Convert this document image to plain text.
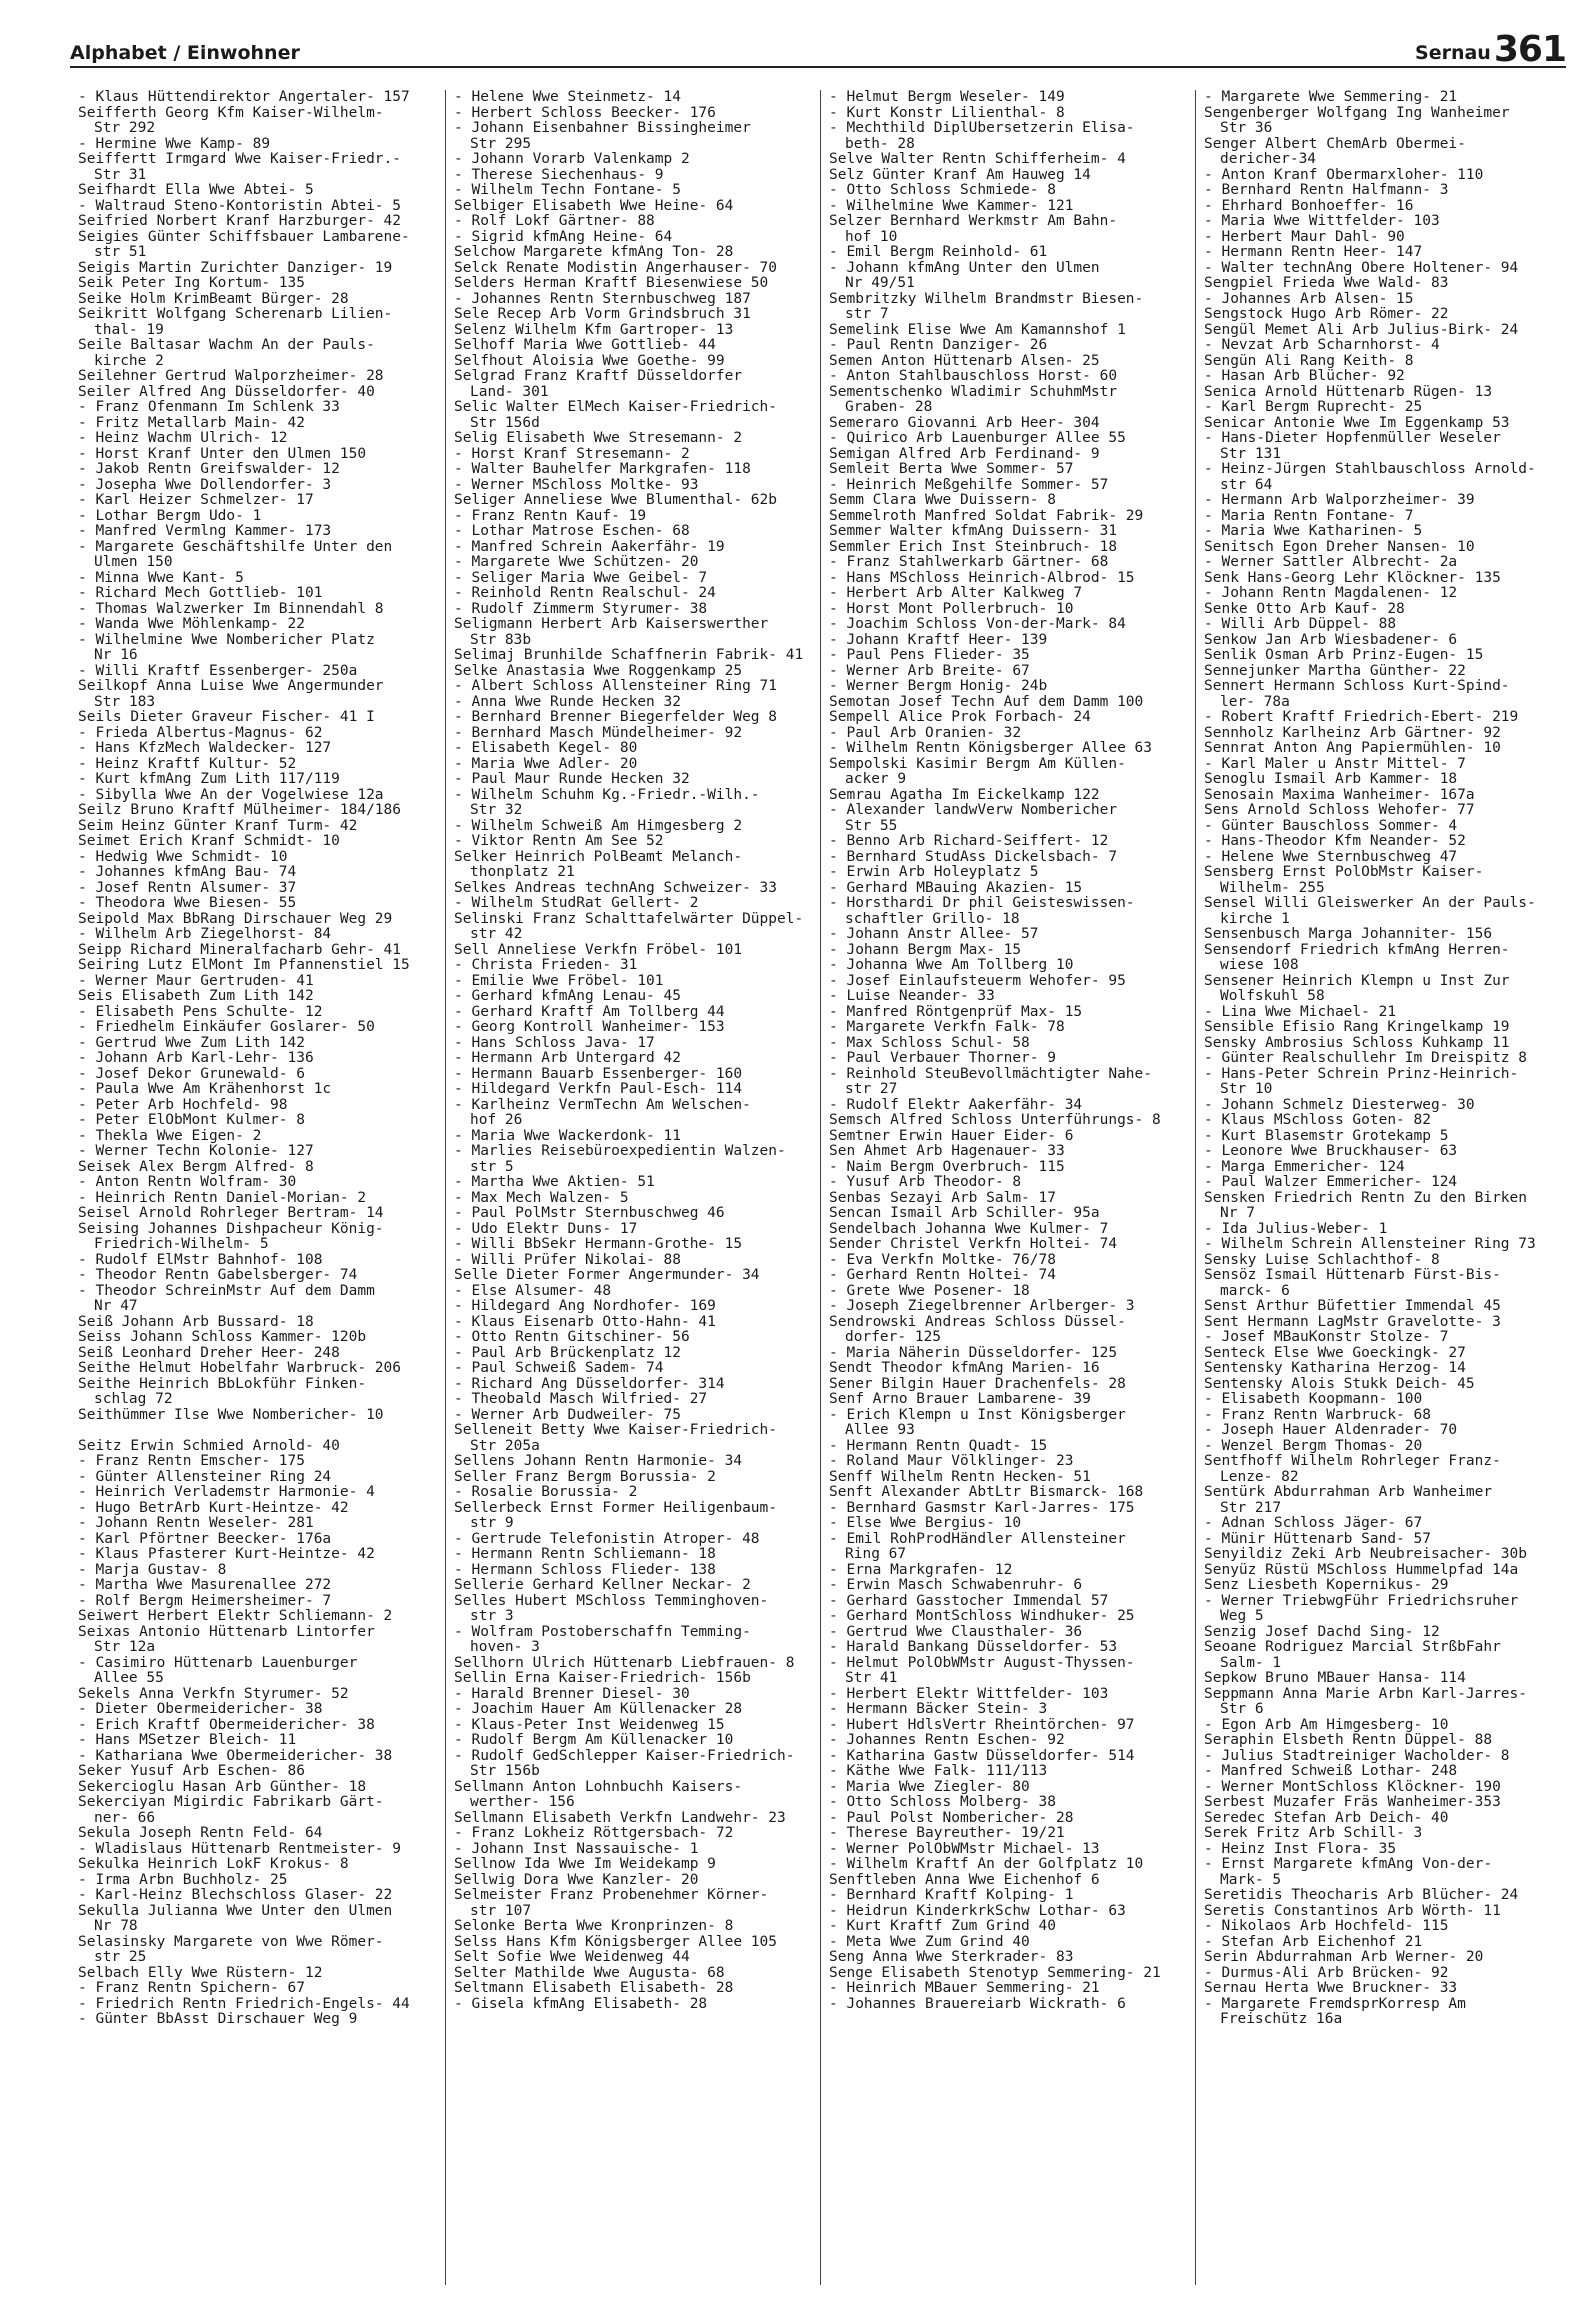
Alphabet / Einwohner	Sernau 361
- Klaus Hüttendirektor Angertaler- 157
Seifferth Georg Kfm Kaiser-Wilhelm-
Str 292
- Hermine Wwe Kamp- 89
Seiffertt Irmgard Wwe Kaiser-Friedr.-
Str 31
Seifhardt Ella Wwe Abtei- 5
- Waltraud Steno-Kontoristin Abtei- 5
Seifried Norbert Kranf Harzburger- 42
Seigies Günter Schiffsbauer Lambarene-
str 51
Seigis Martin Zurichter Danziger- 19
Seik Peter Ing Kortum- 135
Seike Holm KrimBeamt Bürger- 28
Seikritt Wolfgang Scherenarb Lilien-
thal- 19
Seile Baltasar Wachm An der Pauls-
kirche 2
Seilehner Gertrud Walporzheimer- 28
Seiler Alfred Ang Düsseldorfer- 40
- Franz Ofenmann Im Schlenk 33
- Fritz Metallarb Main- 42
- Heinz Wachm Ulrich- 12
- Horst Kranf Unter den Ulmen 150
- Jakob Rentn Greifswalder- 12
- Josepha Wwe Dollendorfer- 3
- Karl Heizer Schmelzer- 17
- Lothar Bergm Udo- 1
- Manfred Vermlng Kammer- 173
- Margarete Geschäftshilfe Unter den
Ulmen 150
- Minna Wwe Kant- 5
- Richard Mech Gottlieb- 101
- Thomas Walzwerker Im Binnendahl 8
- Wanda Wwe Möhlenkamp- 22
- Wilhelmine Wwe Nombericher Platz
Nr 16
- Willi Kraftf Essenberger- 250a
Seilkopf Anna Luise Wwe Angermunder
Str 183
Seils Dieter Graveur Fischer- 41 I
- Frieda Albertus-Magnus- 62
- Hans KfzMech Waldecker- 127
- Heinz Kraftf Kultur- 52
- Kurt kfmAng Zum Lith 117/119
- Sibylla Wwe An der Vogelwiese 12a
Seilz Bruno Kraftf Mülheimer- 184/186
Seim Heinz Günter Kranf Turm- 42
Seimet Erich Kranf Schmidt- 10
- Hedwig Wwe Schmidt- 10
- Johannes kfmAng Bau- 74
- Josef Rentn Alsumer- 37
- Theodora Wwe Biesen- 55
Seipold Max BbRang Dirschauer Weg 29
- Wilhelm Arb Ziegelhorst- 84
Seipp Richard Mineralfacharb Gehr- 41
Seiring Lutz ElMont Im Pfannenstiel 15
- Werner Maur Gertruden- 41
Seis Elisabeth Zum Lith 142
- Elisabeth Pens Schulte- 12
- Friedhelm Einkäufer Goslarer- 50
- Gertrud Wwe Zum Lith 142
- Johann Arb Karl-Lehr- 136
- Josef Dekor Grunewald- 6
- Paula Wwe Am Krähenhorst 1c
- Peter Arb Hochfeld- 98
- Peter ElObMont Kulmer- 8
- Thekla Wwe Eigen- 2
- Werner Techn Kolonie- 127
Seisek Alex Bergm Alfred- 8
- Anton Rentn Wolfram- 30
- Heinrich Rentn Daniel-Morian- 2
Seisel Arnold Rohrleger Bertram- 14
Seising Johannes Dishpacheur König-
Friedrich-Wilhelm- 5
- Rudolf ElMstr Bahnhof- 108
- Theodor Rentn Gabelsberger- 74
- Theodor SchreinMstr Auf dem Damm
Nr 47
Seiß Johann Arb Bussard- 18
Seiss Johann Schloss Kammer- 120b
Seiß Leonhard Dreher Heer- 248
Seithe Helmut Hobelfahr Warbruck- 206
Seithe Heinrich BbLokführ Finken-
schlag 72
Seithümmer Ilse Wwe Nombericher- 10

Seitz Erwin Schmied Arnold- 40
- Franz Rentn Emscher- 175
- Günter Allensteiner Ring 24
- Heinrich Verlademstr Harmonie- 4
- Hugo BetrArb Kurt-Heintze- 42
- Johann Rentn Weseler- 281
- Karl Pförtner Beecker- 176a
- Klaus Pfasterer Kurt-Heintze- 42
- Marja Gustav- 8
- Martha Wwe Masurenallee 272
- Rolf Bergm Heimersheimer- 7
Seiwert Herbert Elektr Schliemann- 2
Seixas Antonio Hüttenarb Lintorfer
Str 12a
- Casimiro Hüttenarb Lauenburger
Allee 55
Sekels Anna Verkfn Styrumer- 52
- Dieter Obermeidericher- 38
- Erich Kraftf Obermeidericher- 38
- Hans MSetzer Bleich- 11
- Kathariana Wwe Obermeidericher- 38
Seker Yusuf Arb Eschen- 86
Sekercioglu Hasan Arb Günther- 18
Sekerciyan Migirdic Fabrikarb Gärt-
ner- 66
Sekula Joseph Rentn Feld- 64
- Wladislaus Hüttenarb Rentmeister- 9
Sekulka Heinrich LokF Krokus- 8
- Irma Arbn Buchholz- 25
- Karl-Heinz Blechschloss Glaser- 22
Sekulla Julianna Wwe Unter den Ulmen
Nr 78
Selasinsky Margarete von Wwe Römer-
str 25
Selbach Elly Wwe Rüstern- 12
- Franz Rentn Spichern- 67
- Friedrich Rentn Friedrich-Engels- 44
- Günter BbAsst Dirschauer Weg 9
- Helene Wwe Steinmetz- 14
- Herbert Schloss Beecker- 176
- Johann Eisenbahner Bissingheimer
Str 295
- Johann Vorarb Valenkamp 2
- Therese Siechenhaus- 9
- Wilhelm Techn Fontane- 5
Selbiger Elisabeth Wwe Heine- 64
- Rolf Lokf Gärtner- 88
- Sigrid kfmAng Heine- 64
Selchow Margarete kfmAng Ton- 28
Selck Renate Modistin Angerhauser- 70
Selders Herman Kraftf Biesenwiese 50
- Johannes Rentn Sternbuschweg 187
Sele Recep Arb Vorm Grindsbruch 31
Selenz Wilhelm Kfm Gartroper- 13
Selhoff Maria Wwe Gottlieb- 44
Selfhout Aloisia Wwe Goethe- 99
Selgrad Franz Kraftf Düsseldorfer
Land- 301
Selic Walter ElMech Kaiser-Friedrich-
Str 156d
Selig Elisabeth Wwe Stresemann- 2
- Horst Kranf Stresemann- 2
- Walter Bauhelfer Markgrafen- 118
- Werner MSchloss Moltke- 93
Seliger Anneliese Wwe Blumenthal- 62b
- Franz Rentn Kauf- 19
- Lothar Matrose Eschen- 68
- Manfred Schrein Aakerfähr- 19
- Margarete Wwe Schützen- 20
- Seliger Maria Wwe Geibel- 7
- Reinhold Rentn Realschul- 24
- Rudolf Zimmerm Styrumer- 38
Seligmann Herbert Arb Kaiserswerther
Str 83b
Selimaj Brunhilde Schaffnerin Fabrik- 41
Selke Anastasia Wwe Roggenkamp 25
- Albert Schloss Allensteiner Ring 71
- Anna Wwe Runde Hecken 32
- Bernhard Brenner Biegerfelder Weg 8
- Bernhard Masch Mündelheimer- 92
- Elisabeth Kegel- 80
- Maria Wwe Adler- 20
- Paul Maur Runde Hecken 32
- Wilhelm Schuhm Kg.-Friedr.-Wilh.-
Str 32
- Wilhelm Schweiß Am Himgesberg 2
- Viktor Rentn Am See 52
Selker Heinrich PolBeamt Melanch-
thonplatz 21
Selkes Andreas technAng Schweizer- 33
- Wilhelm StudRat Gellert- 2
Selinski Franz Schalttafelwärter Düppel-
str 42
Sell Anneliese Verkfn Fröbel- 101
- Christa Frieden- 31
- Emilie Wwe Fröbel- 101
- Gerhard kfmAng Lenau- 45
- Gerhard Kraftf Am Tollberg 44
- Georg Kontroll Wanheimer- 153
- Hans Schloss Java- 17
- Hermann Arb Untergard 42
- Hermann Bauarb Essenberger- 160
- Hildegard Verkfn Paul-Esch- 114
- Karlheinz VermTechn Am Welschen-
hof 26
- Maria Wwe Wackerdonk- 11
- Marlies Reisebüroexpedientin Walzen-
str 5
- Martha Wwe Aktien- 51
- Max Mech Walzen- 5
- Paul PolMstr Sternbuschweg 46
- Udo Elektr Duns- 17
- Willi BbSekr Hermann-Grothe- 15
- Willi Prüfer Nikolai- 88
Selle Dieter Former Angermunder- 34
- Else Alsumer- 48
- Hildegard Ang Nordhofer- 169
- Klaus Eisenarb Otto-Hahn- 41
- Otto Rentn Gitschiner- 56
- Paul Arb Brückenplatz 12
- Paul Schweiß Sadem- 74
- Richard Ang Düsseldorfer- 314
- Theobald Masch Wilfried- 27
- Werner Arb Dudweiler- 75
Selleneit Betty Wwe Kaiser-Friedrich-
Str 205a
Sellens Johann Rentn Harmonie- 34
Seller Franz Bergm Borussia- 2
- Rosalie Borussia- 2
Sellerbeck Ernst Former Heiligenbaum-
str 9
- Gertrude Telefonistin Atroper- 48
- Hermann Rentn Schliemann- 18
- Hermann Schloss Flieder- 138
Sellerie Gerhard Kellner Neckar- 2
Selles Hubert MSchloss Temminghoven-
str 3
- Wolfram Postoberschaffn Temming-
hoven- 3
Sellhorn Ulrich Hüttenarb Liebfrauen- 8
Sellin Erna Kaiser-Friedrich- 156b
- Harald Brenner Diesel- 30
- Joachim Hauer Am Küllenacker 28
- Klaus-Peter Inst Weidenweg 15
- Rudolf Bergm Am Küllenacker 10
- Rudolf GedSchlepper Kaiser-Friedrich-
Str 156b
Sellmann Anton Lohnbuchh Kaisers-
werther- 156
Sellmann Elisabeth Verkfn Landwehr- 23
- Franz Lokheiz Röttgersbach- 72
- Johann Inst Nassauische- 1
Sellnow Ida Wwe Im Weidekamp 9
Sellwig Dora Wwe Kanzler- 20
Selmeister Franz Probenehmer Körner-
str 107
Selonke Berta Wwe Kronprinzen- 8
Selss Hans Kfm Königsberger Allee 105
Selt Sofie Wwe Weidenweg 44
Selter Mathilde Wwe Augusta- 68
Seltmann Elisabeth Elisabeth- 28
- Gisela kfmAng Elisabeth- 28
- Helmut Bergm Weseler- 149
- Kurt Konstr Lilienthal- 8
- Mechthild DiplÜbersetzerin Elisa-
beth- 28
Selve Walter Rentn Schifferheim- 4
Selz Günter Kranf Am Hauweg 14
- Otto Schloss Schmiede- 8
- Wilhelmine Wwe Kammer- 121
Selzer Bernhard Werkmstr Am Bahn-
hof 10
- Emil Bergm Reinhold- 61
- Johann kfmAng Unter den Ulmen
Nr 49/51
Sembritzky Wilhelm Brandmstr Biesen-
str 7
Semelink Elise Wwe Am Kamannshof 1
- Paul Rentn Danziger- 26
Semen Anton Hüttenarb Alsen- 25
- Anton Stahlbauschloss Horst- 60
Sementschenko Wladimir SchuhmMstr
Graben- 28
Semeraro Giovanni Arb Heer- 304
- Quirico Arb Lauenburger Allee 55
Semigan Alfred Arb Ferdinand- 9
Semleit Berta Wwe Sommer- 57
- Heinrich Meßgehilfe Sommer- 57
Semm Clara Wwe Duissern- 8
Semmelroth Manfred Soldat Fabrik- 29
Semmer Walter kfmAng Duissern- 31
Semmler Erich Inst Steinbruch- 18
- Franz Stahlwerkarb Gärtner- 68
- Hans MSchloss Heinrich-Albrod- 15
- Herbert Arb Alter Kalkweg 7
- Horst Mont Pollerbruch- 10
- Joachim Schloss Von-der-Mark- 84
- Johann Kraftf Heer- 139
- Paul Pens Flieder- 35
- Werner Arb Breite- 67
- Werner Bergm Honig- 24b
Semotan Josef Techn Auf dem Damm 100
Sempell Alice Prok Forbach- 24
- Paul Arb Oranien- 32
- Wilhelm Rentn Königsberger Allee 63
Sempolski Kasimir Bergm Am Küllen-
acker 9
Semrau Agatha Im Eickelkamp 122
- Alexander landwVerw Nombericher
Str 55
- Benno Arb Richard-Seiffert- 12
- Bernhard StudAss Dickelsbach- 7
- Erwin Arb Holeyplatz 5
- Gerhard MBauing Akazien- 15
- Horsthardi Dr phil Geisteswissen-
schaftler Grillo- 18
- Johann Anstr Allee- 57
- Johann Bergm Max- 15
- Johanna Wwe Am Tollberg 10
- Josef Einlaufsteuerm Wehofer- 95
- Luise Neander- 33
- Manfred Röntgenprüf Max- 15
- Margarete Verkfn Falk- 78
- Max Schloss Schul- 58
- Paul Verbauer Thorner- 9
- Reinhold SteuBevollmächtigter Nahe-
str 27
- Rudolf Elektr Aakerfähr- 34
Semsch Alfred Schloss Unterführungs- 8
Semtner Erwin Hauer Eider- 6
Sen Ahmet Arb Hagenauer- 33
- Naim Bergm Overbruch- 115
- Yusuf Arb Theodor- 8
Senbas Sezayi Arb Salm- 17
Sencan Ismail Arb Schiller- 95a
Sendelbach Johanna Wwe Kulmer- 7
Sender Christel Verkfn Holtei- 74
- Eva Verkfn Moltke- 76/78
- Gerhard Rentn Holtei- 74
- Grete Wwe Posener- 18
- Joseph Ziegelbrenner Arlberger- 3
Sendrowski Andreas Schloss Düssel-
dorfer- 125
- Maria Näherin Düsseldorfer- 125
Sendt Theodor kfmAng Marien- 16
Sener Bilgin Hauer Drachenfels- 28
Senf Arno Brauer Lambarene- 39
- Erich Klempn u Inst Königsberger
Allee 93
- Hermann Rentn Quadt- 15
- Roland Maur Völklinger- 23
Senff Wilhelm Rentn Hecken- 51
Senft Alexander AbtLtr Bismarck- 168
- Bernhard Gasmstr Karl-Jarres- 175
- Else Wwe Bergius- 10
- Emil RohProdHändler Allensteiner
Ring 67
- Erna Markgrafen- 12
- Erwin Masch Schwabenruhr- 6
- Gerhard Gasstocher Immendal 57
- Gerhard MontSchloss Windhuker- 25
- Gertrud Wwe Clausthaler- 36
- Harald Bankang Düsseldorfer- 53
- Helmut PolObWMstr August-Thyssen-
Str 41
- Herbert Elektr Wittfelder- 103
- Hermann Bäcker Stein- 3
- Hubert HdlsVertr Rheintörchen- 97
- Johannes Rentn Eschen- 92
- Katharina Gastw Düsseldorfer- 514
- Käthe Wwe Falk- 111/113
- Maria Wwe Ziegler- 80
- Otto Schloss Molberg- 38
- Paul Polst Nombericher- 28
- Therese Bayreuther- 19/21
- Werner PolObWMstr Michael- 13
- Wilhelm Kraftf An der Golfplatz 10
Senftleben Anna Wwe Eichenhof 6
- Bernhard Kraftf Kolping- 1
- Heidrun KinderkrkSchw Lothar- 63
- Kurt Kraftf Zum Grind 40
- Meta Wwe Zum Grind 40
Seng Anna Wwe Sterkrader- 83
Senge Elisabeth Stenotyp Semmering- 21
- Heinrich MBauer Semmering- 21
- Johannes Brauereiarb Wickrath- 6
- Margarete Wwe Semmering- 21
Sengenberger Wolfgang Ing Wanheimer
Str 36
Senger Albert ChemArb Obermei-
dericher-34
- Anton Kranf Obermarxloher- 110
- Bernhard Rentn Halfmann- 3
- Ehrhard Bonhoeffer- 16
- Maria Wwe Wittfelder- 103
- Herbert Maur Dahl- 90
- Hermann Rentn Heer- 147
- Walter technAng Obere Holtener- 94
Sengpiel Frieda Wwe Wald- 83
- Johannes Arb Alsen- 15
Sengstock Hugo Arb Römer- 22
Sengül Memet Ali Arb Julius-Birk- 24
- Nevzat Arb Scharnhorst- 4
Sengün Ali Rang Keith- 8
- Hasan Arb Blücher- 92
Senica Arnold Hüttenarb Rügen- 13
- Karl Bergm Ruprecht- 25
Senicar Antonie Wwe Im Eggenkamp 53
- Hans-Dieter Hopfenmüller Weseler
Str 131
- Heinz-Jürgen Stahlbauschloss Arnold-
str 64
- Hermann Arb Walporzheimer- 39
- Maria Rentn Fontane- 7
- Maria Wwe Katharinen- 5
Senitsch Egon Dreher Nansen- 10
- Werner Sattler Albrecht- 2a
Senk Hans-Georg Lehr Klöckner- 135
- Johann Rentn Magdalenen- 12
Senke Otto Arb Kauf- 28
- Willi Arb Düppel- 88
Senkow Jan Arb Wiesbadener- 6
Senlik Osman Arb Prinz-Eugen- 15
Sennejunker Martha Günther- 22
Sennert Hermann Schloss Kurt-Spind-
ler- 78a
- Robert Kraftf Friedrich-Ebert- 219
Sennholz Karlheinz Arb Gärtner- 92
Sennrat Anton Ang Papiermühlen- 10
- Karl Maler u Anstr Mittel- 7
Senoglu Ismail Arb Kammer- 18
Senosain Maxima Wanheimer- 167a
Sens Arnold Schloss Wehofer- 77
- Günter Bauschloss Sommer- 4
- Hans-Theodor Kfm Neander- 52
- Helene Wwe Sternbuschweg 47
Sensberg Ernst PolObMstr Kaiser-
Wilhelm- 255
Sensel Willi Gleiswerker An der Pauls-
kirche 1
Sensenbusch Marga Johanniter- 156
Sensendorf Friedrich kfmAng Herren-
wiese 108
Sensener Heinrich Klempn u Inst Zur
Wolfskuhl 58
- Lina Wwe Michael- 21
Sensible Efisio Rang Kringelkamp 19
Sensky Ambrosius Schloss Kuhkamp 11
- Günter Realschullehr Im Dreispitz 8
- Hans-Peter Schrein Prinz-Heinrich-
Str 10
- Johann Schmelz Diesterweg- 30
- Klaus MSchloss Goten- 82
- Kurt Blasemstr Grotekamp 5
- Leonore Wwe Bruckhauser- 63
- Marga Emmericher- 124
- Paul Walzer Emmericher- 124
Sensken Friedrich Rentn Zu den Birken
Nr 7
- Ida Julius-Weber- 1
- Wilhelm Schrein Allensteiner Ring 73
Sensky Luise Schlachthof- 8
Sensöz Ismail Hüttenarb Fürst-Bis-
marck- 6
Senst Arthur Büfettier Immendal 45
Sent Hermann LagMstr Gravelotte- 3
- Josef MBauKonstr Stolze- 7
Senteck Else Wwe Goeckingk- 27
Sentensky Katharina Herzog- 14
Sentensky Alois Stukk Deich- 45
- Elisabeth Koopmann- 100
- Franz Rentn Warbruck- 68
- Joseph Hauer Aldenrader- 70
- Wenzel Bergm Thomas- 20
Sentfhoff Wilhelm Rohrleger Franz-
Lenze- 82
Sentürk Abdurrahman Arb Wanheimer
Str 217
- Adnan Schloss Jäger- 67
- Münir Hüttenarb Sand- 57
Senyildiz Zeki Arb Neubreisacher- 30b
Senyüz Rüstü MSchloss Hummelpfad 14a
Senz Liesbeth Kopernikus- 29
- Werner TriebwgFühr Friedrichsruher
Weg 5
Senzig Josef Dachd Sing- 12
Seoane Rodriguez Marcial StrßbFahr
Salm- 1
Sepkow Bruno MBauer Hansa- 114
Seppmann Anna Marie Arbn Karl-Jarres-
Str 6
- Egon Arb Am Himgesberg- 10
Seraphin Elsbeth Rentn Düppel- 88
- Julius Stadtreiniger Wacholder- 8
- Manfred Schweiß Lothar- 248
- Werner MontSchloss Klöckner- 190
Serbest Muzafer Fräs Wanheimer-353
Seredec Stefan Arb Deich- 40
Serek Fritz Arb Schill- 3
- Heinz Inst Flora- 35
- Ernst Margarete kfmAng Von-der-
Mark- 5
Seretidis Theocharis Arb Blücher- 24
Seretis Constantinos Arb Wörth- 11
- Nikolaos Arb Hochfeld- 115
- Stefan Arb Eichenhof 21
Serin Abdurrahman Arb Werner- 20
- Durmus-Ali Arb Brücken- 92
Sernau Herta Wwe Bruckner- 33
- Margarete FremdsprKorresp Am
Freischütz 16a
